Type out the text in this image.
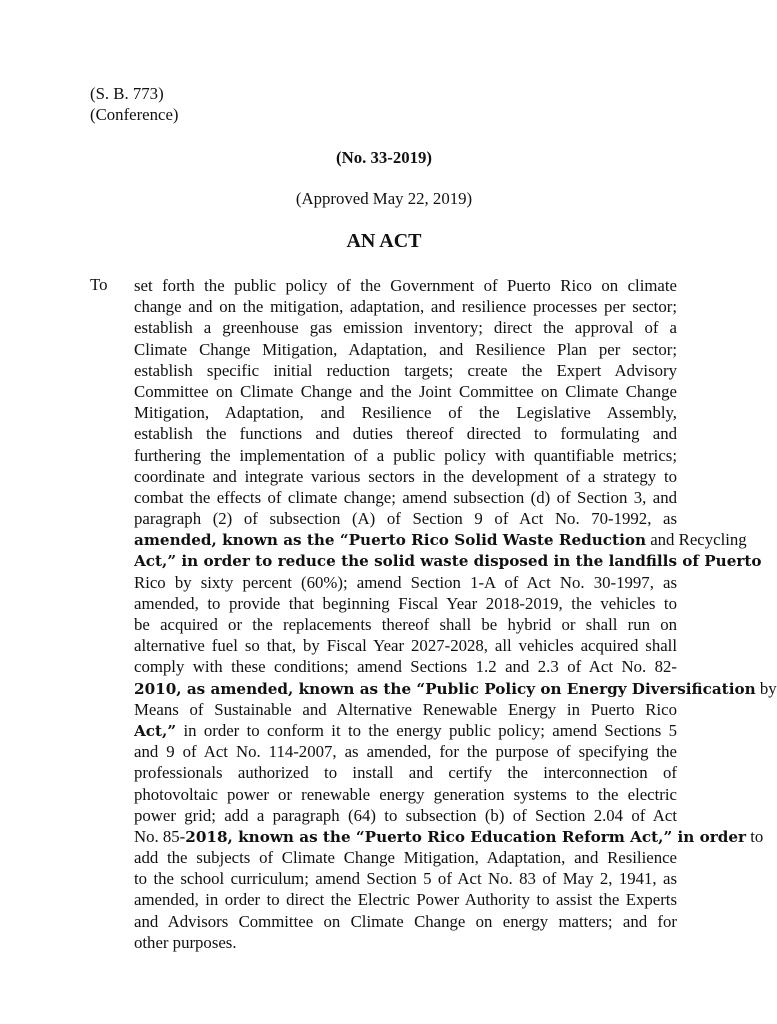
(S. B. 773)
(Conference)
(No. 33-2019)
(Approved May 22, 2019)
AN ACT
To set forth the public policy of the Government of Puerto Rico on climate
change and on the mitigation, adaptation, and resilience processes per sector;
establish a greenhouse gas emission inventory; direct the approval of a
Climate Change Mitigation, Adaptation, and Resilience Plan per sector;
establish specific initial reduction targets; create the Expert Advisory
Committee on Climate Change and the Joint Committee on Climate Change
Mitigation, Adaptation, and Resilience of the Legislative Assembly,
establish the functions and duties thereof directed to formulating and
furthering the implementation of a public policy with quantifiable metrics;
coordinate and integrate various sectors in the development of a strategy to
combat the effects of climate change; amend subsection (d) of Section 3, and
paragraph (2) of subsection (A) of Section 9 of Act No. 70-1992, as
amended, known as the “Puerto Rico Solid Waste Reduction and Recycling
Act,” in order to reduce the solid waste disposed in the landfills of Puerto
Rico by sixty percent (60%); amend Section 1-A of Act No. 30-1997, as
amended, to provide that beginning Fiscal Year 2018-2019, the vehicles to
be acquired or the replacements thereof shall be hybrid or shall run on
alternative fuel so that, by Fiscal Year 2027-2028, all vehicles acquired shall
comply with these conditions; amend Sections 1.2 and 2.3 of Act No. 82-
2010, as amended, known as the “Public Policy on Energy Diversification by
Means of Sustainable and Alternative Renewable Energy in Puerto Rico
Act,” in order to conform it to the energy public policy; amend Sections 5
and 9 of Act No. 114-2007, as amended, for the purpose of specifying the
professionals authorized to install and certify the interconnection of
photovoltaic power or renewable energy generation systems to the electric
power grid; add a paragraph (64) to subsection (b) of Section 2.04 of Act
No. 85-2018, known as the “Puerto Rico Education Reform Act,” in order to
add the subjects of Climate Change Mitigation, Adaptation, and Resilience
to the school curriculum; amend Section 5 of Act No. 83 of May 2, 1941, as
amended, in order to direct the Electric Power Authority to assist the Experts
and Advisors Committee on Climate Change on energy matters; and for
other purposes.
